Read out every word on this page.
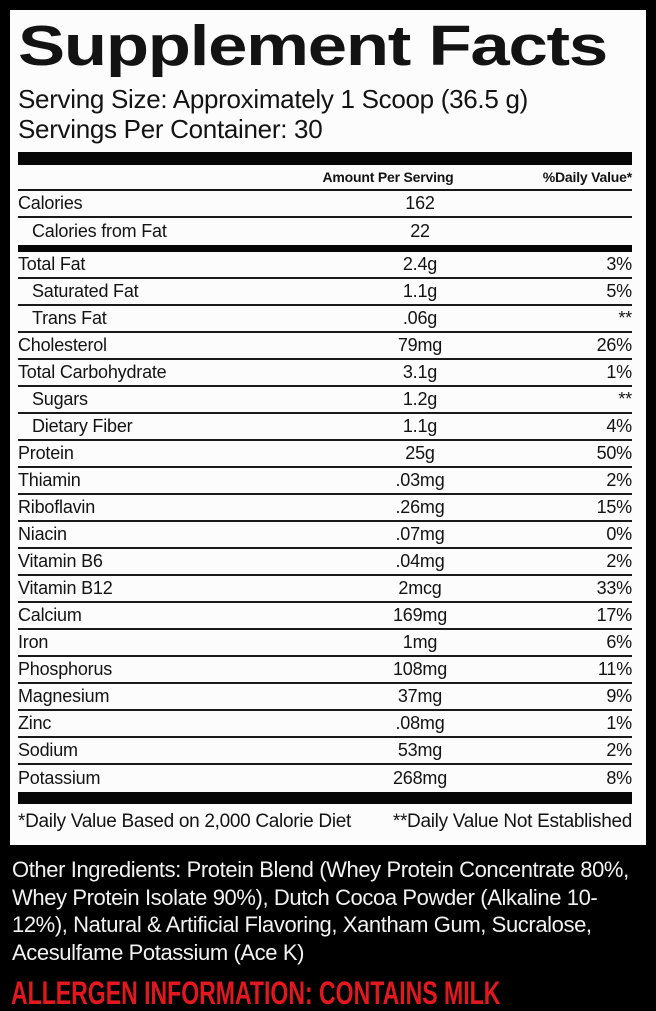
Supplement Facts
Serving Size: Approximately 1 Scoop (36.5 g)
Servings Per Container: 30
Amount Per Serving	%Daily Value*
Calories	162
Calories from Fat	22
Total Fat	2.4g	3%
Saturated Fat	1.1g	5%
Trans Fat	.06g	**
Cholesterol	79mg	26%
Total Carbohydrate	3.1g	1%
Sugars	1.2g	**
Dietary Fiber	1.1g	4%
Protein	25g	50%
Thiamin	.03mg	2%
Riboflavin	.26mg	15%
Niacin	.07mg	0%
Vitamin B6	.04mg	2%
Vitamin B12	2mcg	33%
Calcium	169mg	17%
Iron	1mg	6%
Phosphorus	108mg	11%
Magnesium	37mg	9%
Zinc	.08mg	1%
Sodium	53mg	2%
Potassium	268mg	8%
*Daily Value Based on 2,000 Calorie Diet **Daily Value Not Established
Other Ingredients: Protein Blend (Whey Protein Concentrate 80%, Whey Protein Isolate 90%), Dutch Cocoa Powder (Alkaline 10-12%), Natural & Artificial Flavoring, Xantham Gum, Sucralose, Acesulfame Potassium (Ace K)
ALLERGEN INFORMATION: CONTAINS MILK
